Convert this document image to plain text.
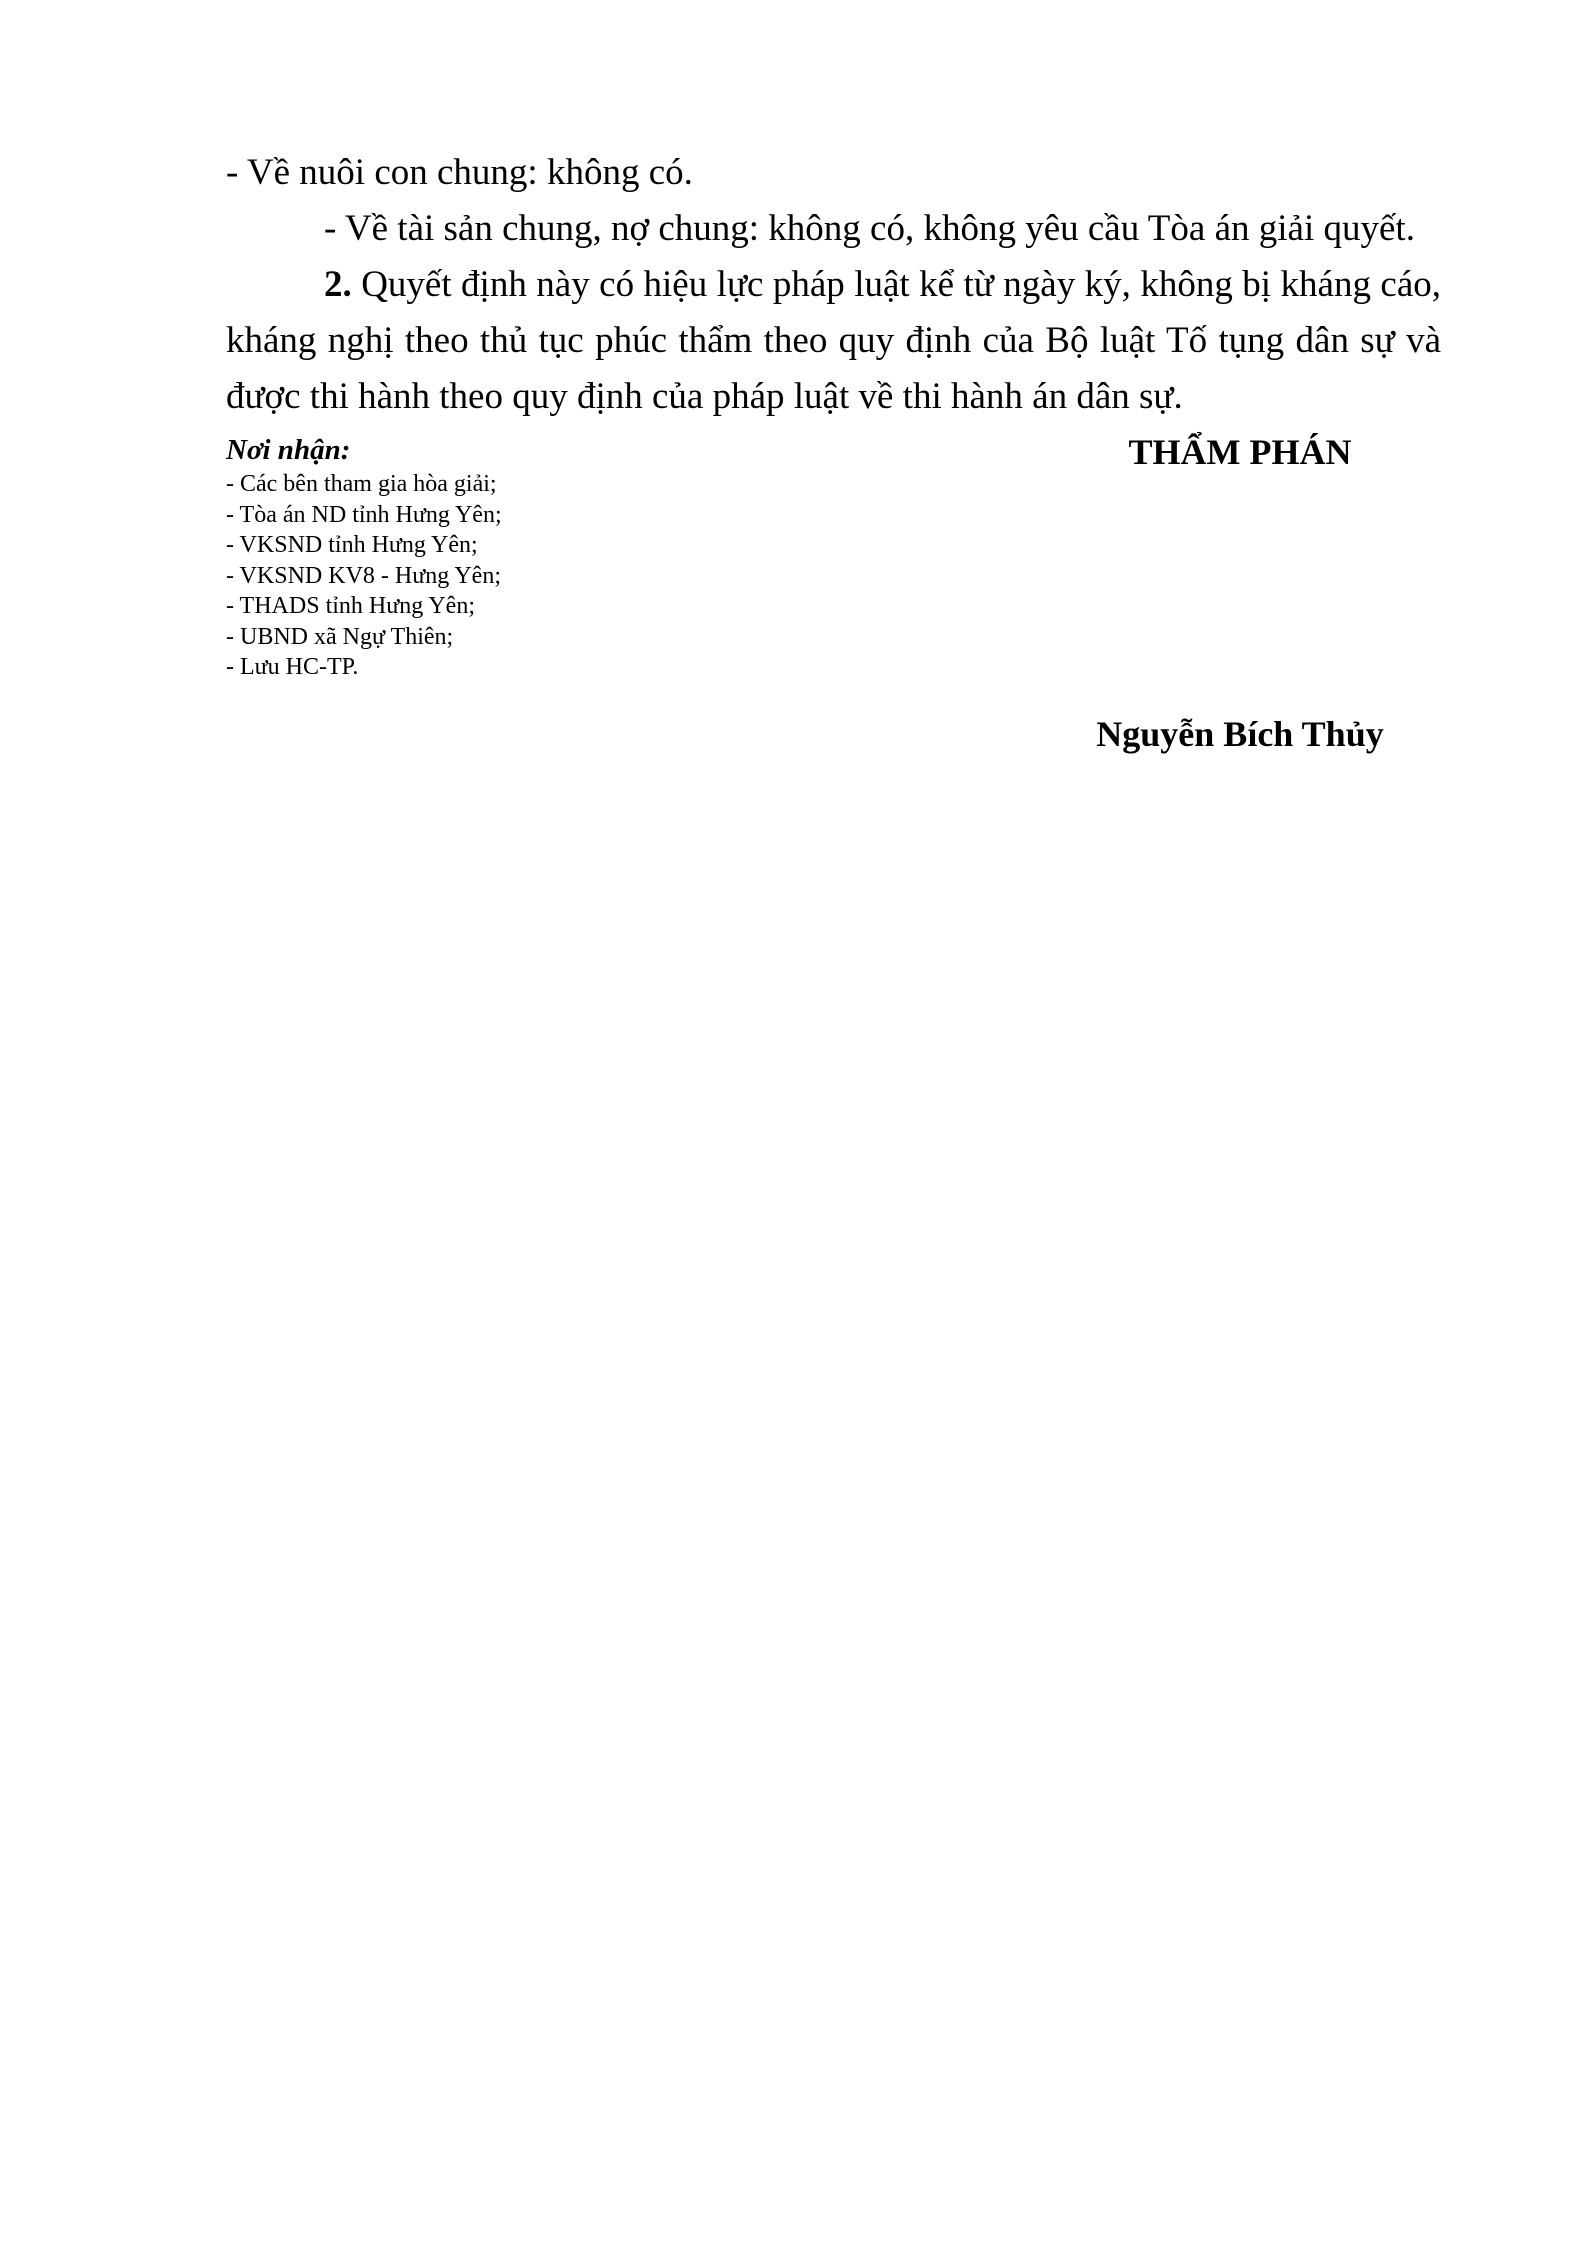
- Về nuôi con chung: không có.

- Về tài sản chung, nợ chung: không có, không yêu cầu Tòa án giải quyết.

2. Quyết định này có hiệu lực pháp luật kể từ ngày ký, không bị kháng cáo, kháng nghị theo thủ tục phúc thẩm theo quy định của Bộ luật Tố tụng dân sự và được thi hành theo quy định của pháp luật về thi hành án dân sự.

Nơi nhận:

- Các bên tham gia hòa giải;
- Tòa án ND tỉnh Hưng Yên;
- VKSND tỉnh Hưng Yên;
- VKSND KV8 - Hưng Yên;
- THADS tỉnh Hưng Yên;
- UBND xã Ngự Thiên;
- Lưu HC-TP.

THẨM PHÁN

Nguyễn Bích Thủy
